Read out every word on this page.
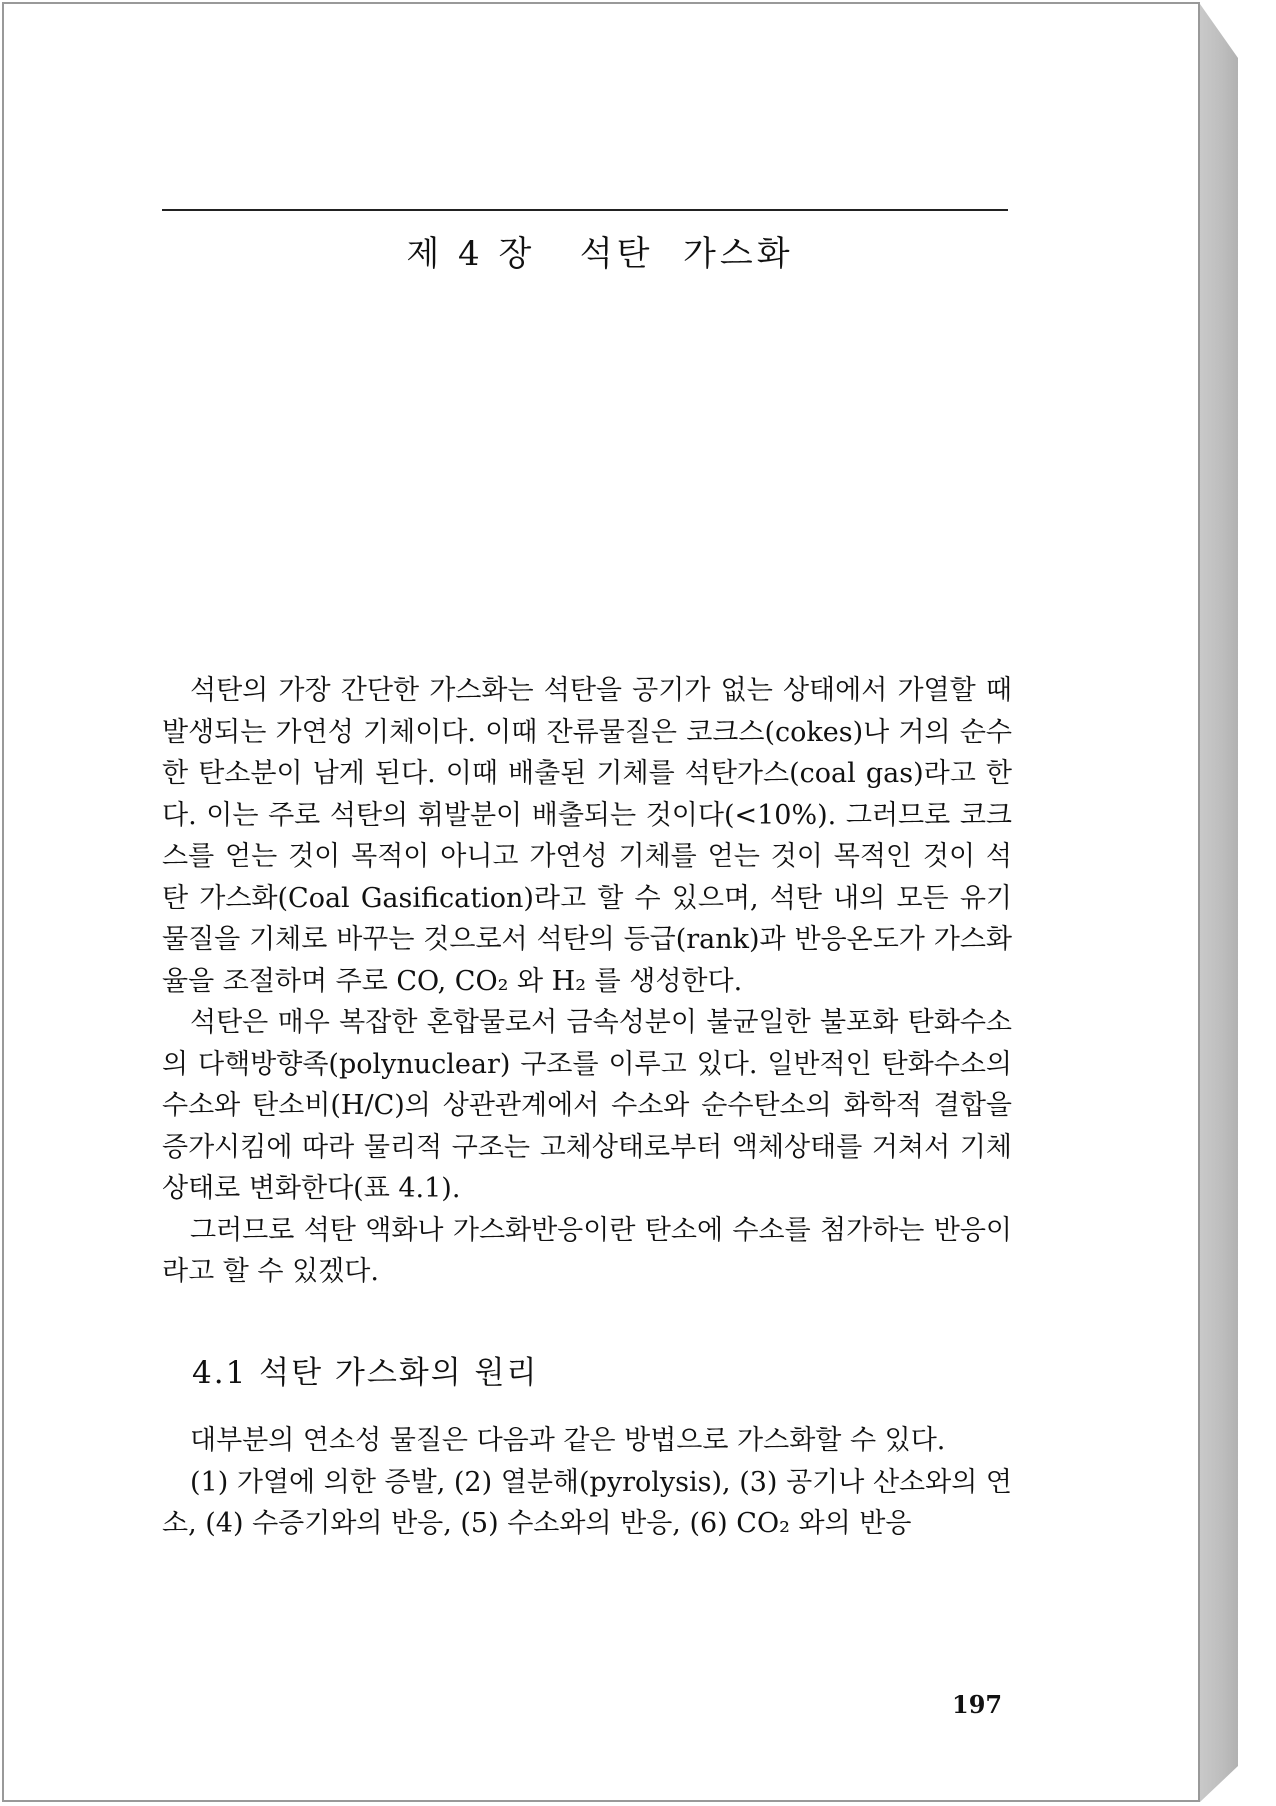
제 4 장   석탄  가스화

석탄의 가장 간단한 가스화는 석탄을 공기가 없는 상태에서 가열할 때 발생되는 가연성 기체이다. 이때 잔류물질은 코크스(cokes)나 거의 순수한 탄소분이 남게 된다. 이때 배출된 기체를 석탄가스(coal gas)라고 한다. 이는 주로 석탄의 휘발분이 배출되는 것이다(<10%). 그러므로 코크스를 얻는 것이 목적이 아니고 가연성 기체를 얻는 것이 목적인 것이 석탄 가스화(Coal Gasification)라고 할 수 있으며, 석탄 내의 모든 유기물질을 기체로 바꾸는 것으로서 석탄의 등급(rank)과 반응온도가 가스화율을 조절하며 주로 CO, CO₂ 와 H₂ 를 생성한다.

석탄은 매우 복잡한 혼합물로서 금속성분이 불균일한 불포화 탄화수소의 다핵방향족(polynuclear) 구조를 이루고 있다. 일반적인 탄화수소의 수소와 탄소비(H/C)의 상관관계에서 수소와 순수탄소의 화학적 결합을 증가시킴에 따라 물리적 구조는 고체상태로부터 액체상태를 거쳐서 기체상태로 변화한다(표 4.1).

그러므로 석탄 액화나 가스화반응이란 탄소에 수소를 첨가하는 반응이라고 할 수 있겠다.

4.1 석탄 가스화의 원리

대부분의 연소성 물질은 다음과 같은 방법으로 가스화할 수 있다.

(1) 가열에 의한 증발, (2) 열분해(pyrolysis), (3) 공기나 산소와의 연소, (4) 수증기와의 반응, (5) 수소와의 반응, (6) CO₂ 와의 반응

197
